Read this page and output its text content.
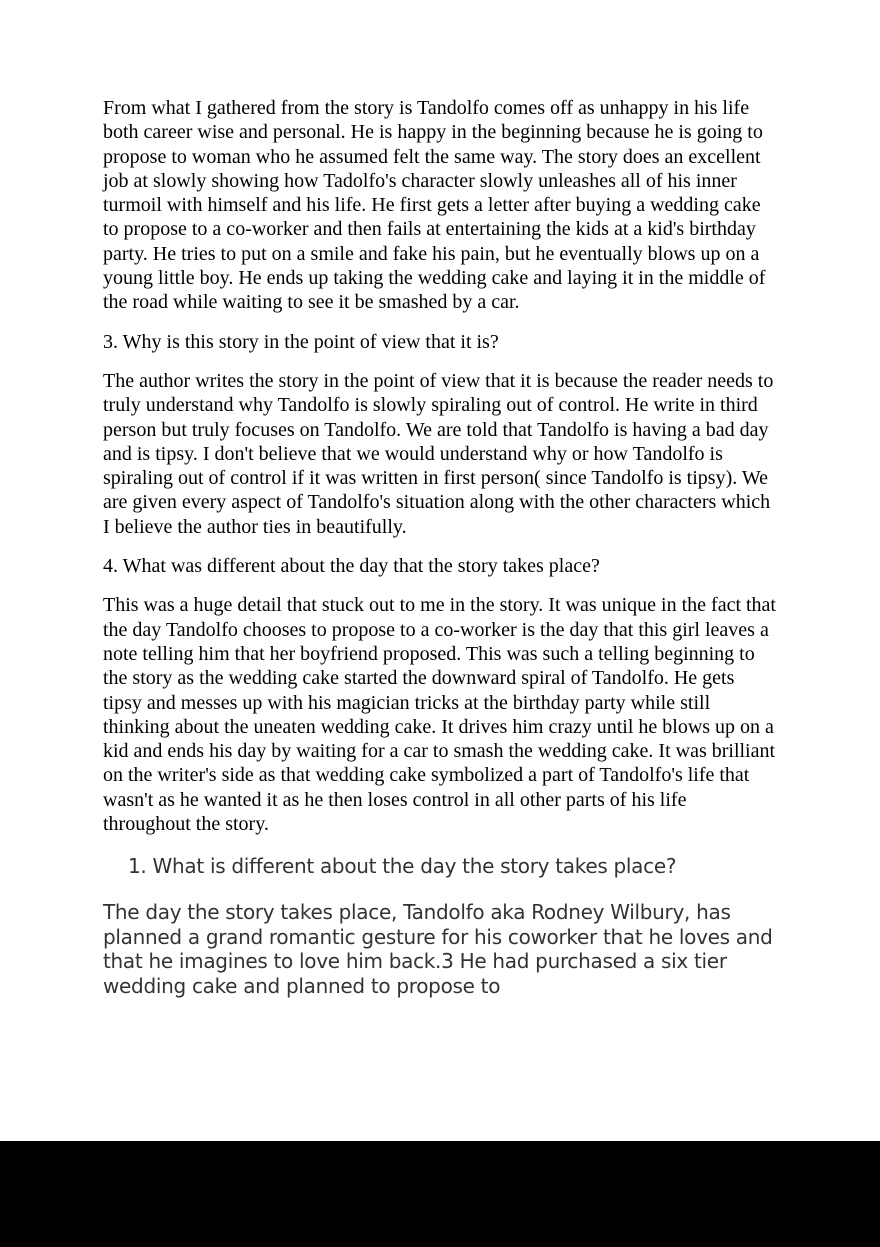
From what I gathered from the story is Tandolfo comes off as unhappy in his life both career wise and personal. He is happy in the beginning because he is going to propose to woman who he assumed felt the same way. The story does an excellent job at slowly showing how Tadolfo's character slowly unleashes all of his inner turmoil with himself and his life. He first gets a letter after buying a wedding cake to propose to a co-worker and then fails at entertaining the kids at a kid's birthday party. He tries to put on a smile and fake his pain, but he eventually blows up on a young little boy. He ends up taking the wedding cake and laying it in the middle of the road while waiting to see it be smashed by a car.

3. Why is this story in the point of view that it is?

The author writes the story in the point of view that it is because the reader needs to truly understand why Tandolfo is slowly spiraling out of control. He write in third person but truly focuses on Tandolfo. We are told that Tandolfo is having a bad day and is tipsy. I don't believe that we would understand why or how Tandolfo is spiraling out of control if it was written in first person( since Tandolfo is tipsy). We are given every aspect of Tandolfo's situation along with the other characters which I believe the author ties in beautifully.

4. What was different about the day that the story takes place?

This was a huge detail that stuck out to me in the story. It was unique in the fact that the day Tandolfo chooses to propose to a co-worker is the day that this girl leaves a note telling him that her boyfriend proposed. This was such a telling beginning to the story as the wedding cake started the downward spiral of Tandolfo. He gets tipsy and messes up with his magician tricks at the birthday party while still thinking about the uneaten wedding cake. It drives him crazy until he blows up on a kid and ends his day by waiting for a car to smash the wedding cake. It was brilliant on the writer's side as that wedding cake symbolized a part of Tandolfo's life that wasn't as he wanted it as he then loses control in all other parts of his life throughout the story.

1. What is different about the day the story takes place?

The day the story takes place, Tandolfo aka Rodney Wilbury, has planned a grand romantic gesture for his coworker that he loves and that he imagines to love him back.3 He had purchased a six tier wedding cake and planned to propose to
